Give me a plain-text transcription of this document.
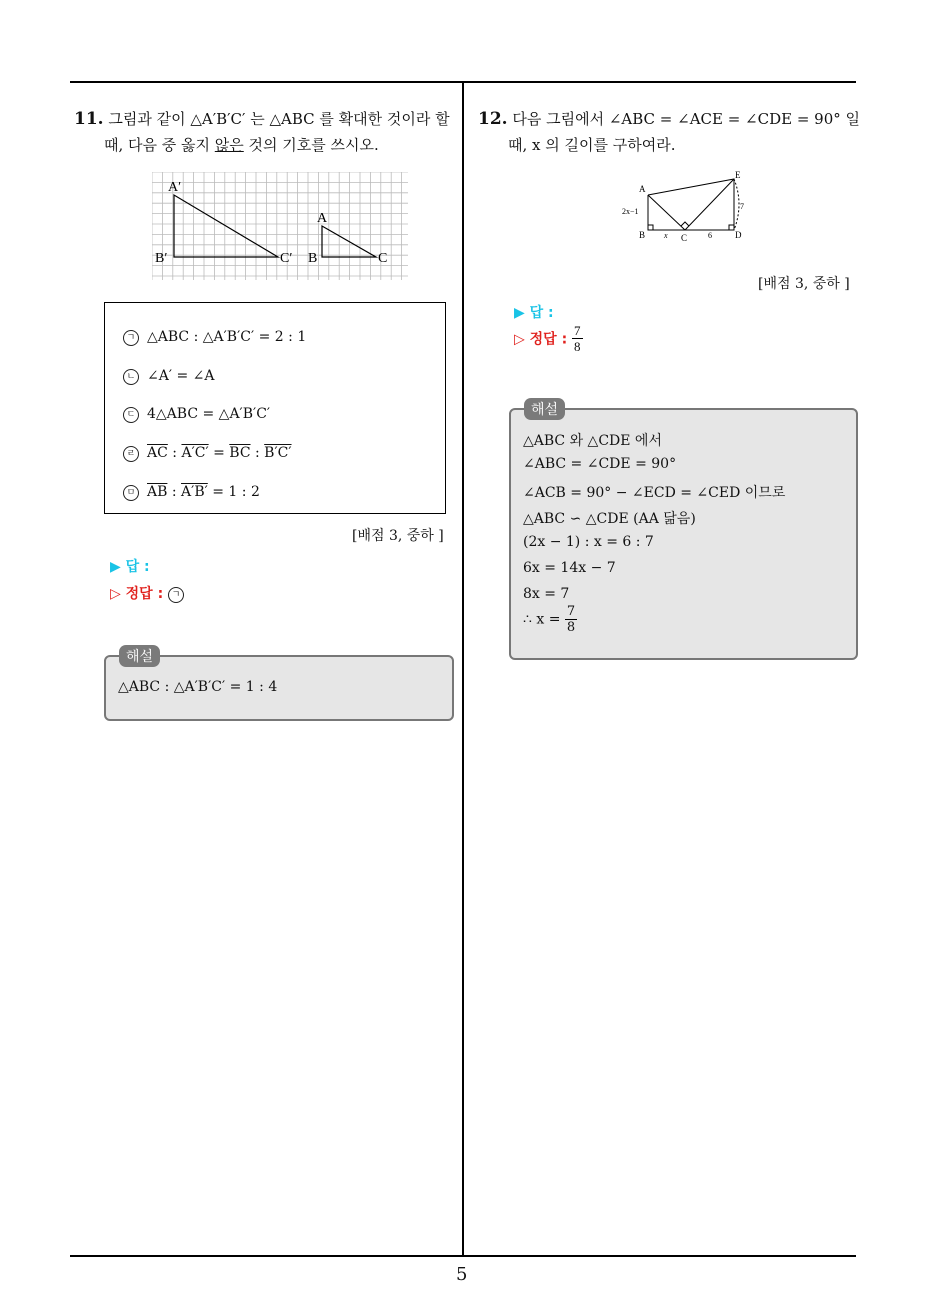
5
11. 그림과 같이 △A′B′C′ 는 △ABC 를 확대한 것이라 할
때, 다음 중 옳지 않은 것의 기호를 쓰시오.
A′
B′	C′
A
B	C
ㄱ △ABC : △A′B′C′ = 2 : 1
ㄴ ∠A′ = ∠A
ㄷ 4△ABC = △A′B′C′
ㄹ $\overline{AC}$ : $A'C' = \overline{BC}$ : B′C′
ㅁ $\overline{AB}$ : A′B′ = 1 : 2
[배점 3, 중하 ]
▶ 답 :
▷ 정답 : ㄱ
해설
△ABC : △A′B′C′ = 1 : 4
12. 다음 그림에서 ∠ABC = ∠ACE = ∠CDE = 90° 일
때, x 의 길이를 구하여라.
A
B	C	D
E
2x−1
x	6
7
[배점 3, 중하 ]
▶ 답 :
▷ 정답 : $\frac{7}{8}$
해설
△ABC 와 △CDE 에서
∠ABC = ∠CDE = 90°
∠ACB = 90° − ∠ECD = ∠CED 이므로
△ABC ∽ △CDE (AA 닮음)
(2x − 1) : x = 6 : 7
6x = 14x − 7
8x = 7
∴ $x = \frac{7}{8}$
